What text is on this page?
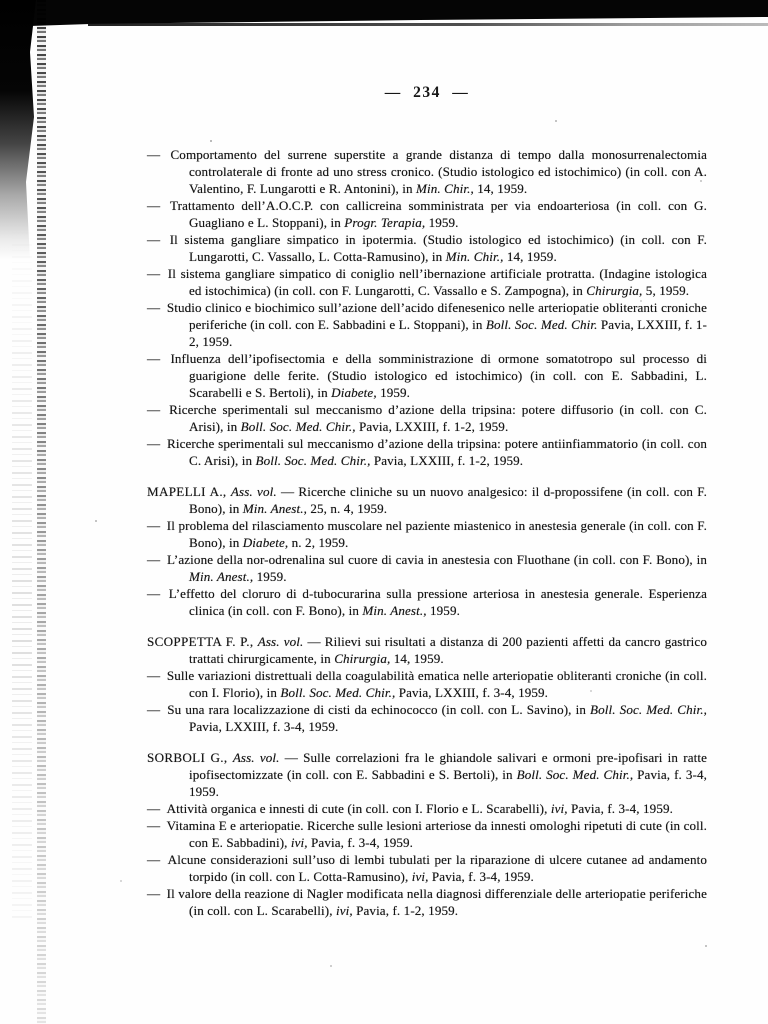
— 234 —

— Comportamento del surrene superstite a grande distanza di tempo dalla monosurrenalectomia controlaterale di fronte ad uno stress cronico. (Studio istologico ed istochimico) (in coll. con A. Valentino, F. Lungarotti e R. Antonini), in Min. Chir., 14, 1959.

— Trattamento dell’A.O.C.P. con callicreina somministrata per via endoarteriosa (in coll. con G. Guagliano e L. Stoppani), in Progr. Terapia, 1959.

— Il sistema gangliare simpatico in ipotermia. (Studio istologico ed istochimico) (in coll. con F. Lungarotti, C. Vassallo, L. Cotta-Ramusino), in Min. Chir., 14, 1959.

— Il sistema gangliare simpatico di coniglio nell’ibernazione artificiale protratta. (Indagine istologica ed istochimica) (in coll. con F. Lungarotti, C. Vassallo e S. Zampogna), in Chirurgia, 5, 1959.

— Studio clinico e biochimico sull’azione dell’acido difenesenico nelle arteriopatie obliteranti croniche periferiche (in coll. con E. Sabbadini e L. Stoppani), in Boll. Soc. Med. Chir. Pavia, LXXIII, f. 1-2, 1959.

— Influenza dell’ipofisectomia e della somministrazione di ormone somatotropo sul processo di guarigione delle ferite. (Studio istologico ed istochimico) (in coll. con E. Sabbadini, L. Scarabelli e S. Bertoli), in Diabete, 1959.

— Ricerche sperimentali sul meccanismo d’azione della tripsina: potere diffusorio (in coll. con C. Arisi), in Boll. Soc. Med. Chir., Pavia, LXXIII, f. 1-2, 1959.

— Ricerche sperimentali sul meccanismo d’azione della tripsina: potere antiinfiammatorio (in coll. con C. Arisi), in Boll. Soc. Med. Chir., Pavia, LXXIII, f. 1-2, 1959.

MAPELLI A., Ass. vol. — Ricerche cliniche su un nuovo analgesico: il d-propossifene (in coll. con F. Bono), in Min. Anest., 25, n. 4, 1959.

— Il problema del rilasciamento muscolare nel paziente miastenico in anestesia generale (in coll. con F. Bono), in Diabete, n. 2, 1959.

— L’azione della nor-odrenalina sul cuore di cavia in anestesia con Fluothane (in coll. con F. Bono), in Min. Anest., 1959.

— L’effetto del cloruro di d-tubocurarina sulla pressione arteriosa in anestesia generale. Esperienza clinica (in coll. con F. Bono), in Min. Anest., 1959.

SCOPPETTA F. P., Ass. vol. — Rilievi sui risultati a distanza di 200 pazienti affetti da cancro gastrico trattati chirurgicamente, in Chirurgia, 14, 1959.

— Sulle variazioni distrettuali della coagulabilità ematica nelle arteriopatie obliteranti croniche (in coll. con I. Florio), in Boll. Soc. Med. Chir., Pavia, LXXIII, f. 3-4, 1959.

— Su una rara localizzazione di cisti da echinococco (in coll. con L. Savino), in Boll. Soc. Med. Chir., Pavia, LXXIII, f. 3-4, 1959.

SORBOLI G., Ass. vol. — Sulle correlazioni fra le ghiandole salivari e ormoni pre-ipofisari in ratte ipofisectomizzate (in coll. con E. Sabbadini e S. Bertoli), in Boll. Soc. Med. Chir., Pavia, f. 3-4, 1959.

— Attività organica e innesti di cute (in coll. con I. Florio e L. Scarabelli), ivi, Pavia, f. 3-4, 1959.

— Vitamina E e arteriopatie. Ricerche sulle lesioni arteriose da innesti omologhi ripetuti di cute (in coll. con E. Sabbadini), ivi, Pavia, f. 3-4, 1959.

— Alcune considerazioni sull’uso di lembi tubulati per la riparazione di ulcere cutanee ad andamento torpido (in coll. con L. Cotta-Ramusino), ivi, Pavia, f. 3-4, 1959.

— Il valore della reazione di Nagler modificata nella diagnosi differenziale delle arteriopatie periferiche (in coll. con L. Scarabelli), ivi, Pavia, f. 1-2, 1959.
